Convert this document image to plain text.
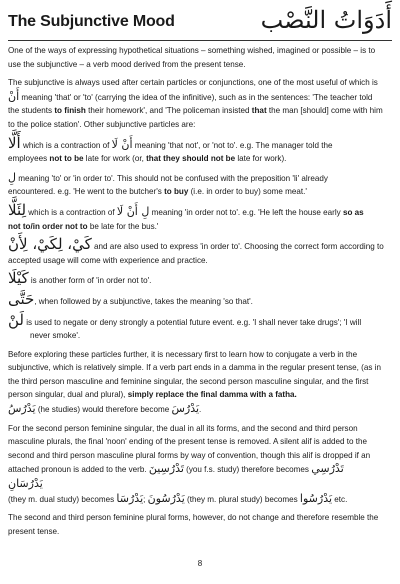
The Subjunctive Mood	أَدَوَاتُ النَّصْب

One of the ways of expressing hypothetical situations – something wished, imagined or possible – is to
use the subjunctive – a verb mood derived from the present tense.

The subjunctive is always used after certain particles or conjunctions, one of the most useful of which is
أَنْ meaning 'that' or 'to' (carrying the idea of the infinitive), such as in the sentences: 'The teacher told
the students to finish their homework', and 'The policeman insisted that the man [should] come with him
to the police station'. Other subjunctive particles are:

أَلَّا which is a contraction of أَنْ لَا meaning 'that not', or 'not to'. e.g. The manager told the
employees not to be late for work (or, that they should not be late for work).

لِ meaning 'to' or 'in order to'. This should not be confused with the preposition 'li' already
encountered. e.g. 'He went to the butcher's to buy (i.e. in order to buy) some meat.'

لِئَلَّا which is a contraction of لِ أَنْ لَا meaning 'in order not to'. e.g. 'He left the house early so as
not to/in order not to be late for the bus.'

كَيْ، لِكَيْ، لِأَنْ and are also used to express 'in order to'. Choosing the correct form according to
accepted usage will come with experience and practice.

كَيْلَا is another form of 'in order not to'.

حَتَّى, when followed by a subjunctive, takes the meaning 'so that'.

لَنْ is used to negate or deny strongly a potential future event. e.g. 'I shall never take drugs'; 'I will
never smoke'.

Before exploring these particles further, it is necessary first to learn how to conjugate a verb in the
subjunctive, which is relatively simple. If a verb part ends in a damma in the regular present tense, (as in
the third person masculine and feminine singular, the second person masculine singular, and the first
person singular, dual and plural), simply replace the final damma with a fatha.
يَدْرُسُ (he studies) would therefore become يَدْرُسَ.

For the second person feminine singular, the dual in all its forms, and the second and third person
masculine plurals, the final 'noon' ending of the present tense is removed. A silent alif is added to the
second and third person masculine plural forms by way of convention, though this alif is dropped if an
attached pronoun is added to the verb. تَدْرُسِينَ (you f.s. study) therefore becomes تَدْرُسِي
يَدْرُسَانِ
(they m. dual study) becomes يَدْرُسَا; يَدْرُسُونَ (they m. plural study) becomes يَدْرُسُوا etc.

The second and third person feminine plural forms, however, do not change and therefore resemble the
present tense.

8
